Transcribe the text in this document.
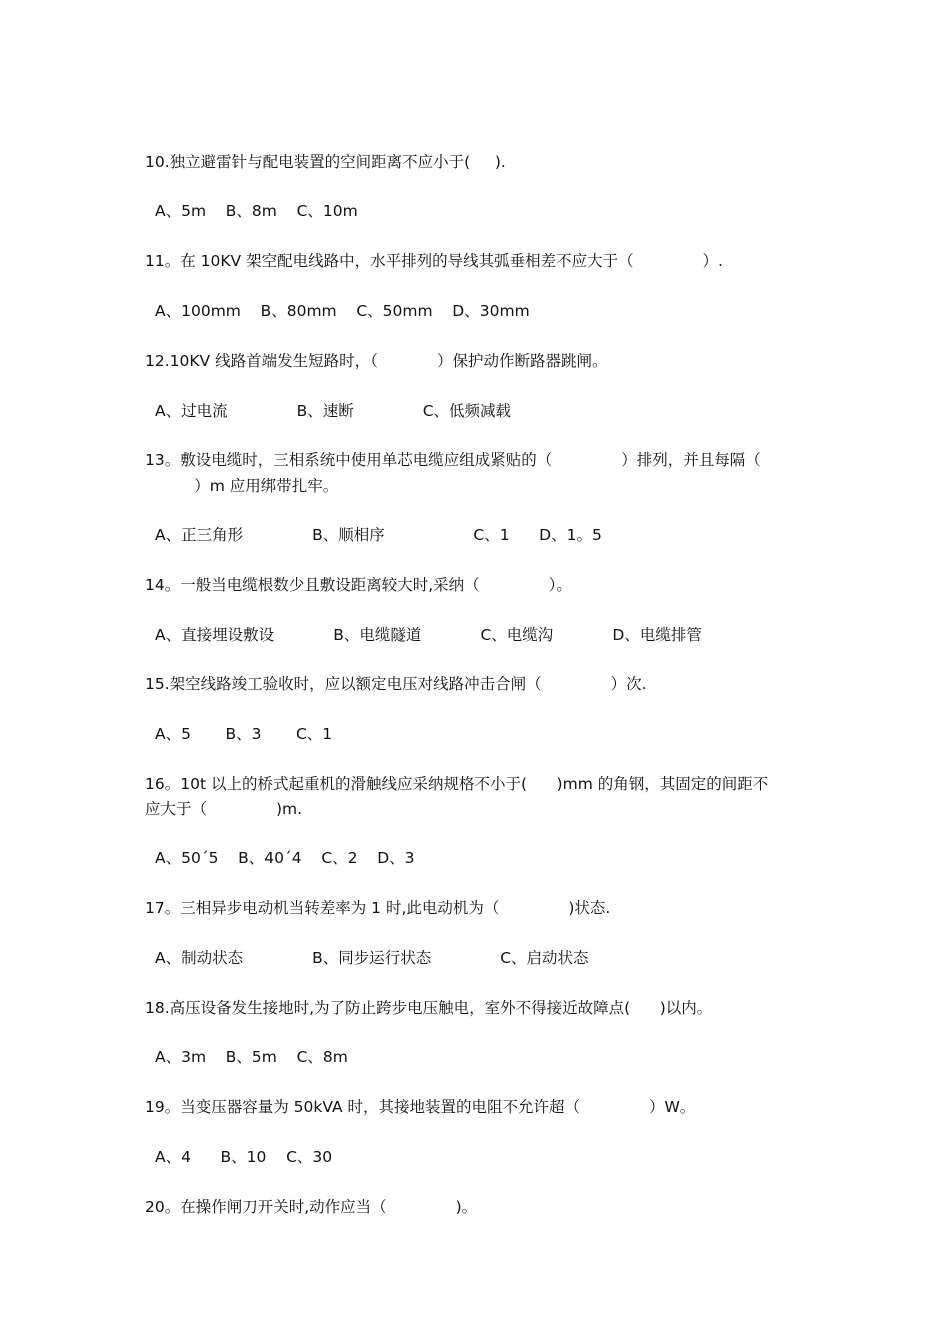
10.独立避雷针与配电装置的空间距离不应小于(     ).
A、5m    B、8m    C、10m
11。在 10KV 架空配电线路中，水平排列的导线其弧垂相差不应大于（              ）.
A、100mm    B、80mm    C、50mm    D、30mm
12.10KV 线路首端发生短路时，（            ）保护动作断路器跳闸。
A、过电流              B、速断              C、低频减载
13。敷设电缆时，三相系统中使用单芯电缆应组成紧贴的（              ）排列，并且每隔（
）m 应用绑带扎牢。
A、正三角形              B、顺相序                  C、1      D、1。5
14。一般当电缆根数少且敷设距离较大时,采纳（              ）。
A、直接埋设敷设            B、电缆隧道            C、电缆沟            D、电缆排管
15.架空线路竣工验收时，应以额定电压对线路冲击合闸（              ）次.
A、5       B、3       C、1
16。10t 以上的桥式起重机的滑触线应采纳规格不小于(      )mm 的角钢，其固定的间距不
应大于（              )m.
A、50´5    B、40´4    C、2    D、3
17。三相异步电动机当转差率为 1 时,此电动机为（              )状态.
A、制动状态              B、同步运行状态              C、启动状态
18.高压设备发生接地时,为了防止跨步电压触电，室外不得接近故障点(      )以内。
A、3m    B、5m    C、8m
19。当变压器容量为 50kVA 时，其接地装置的电阻不允许超（              ）W。
A、4      B、10    C、30
20。在操作闸刀开关时,动作应当（              )。
